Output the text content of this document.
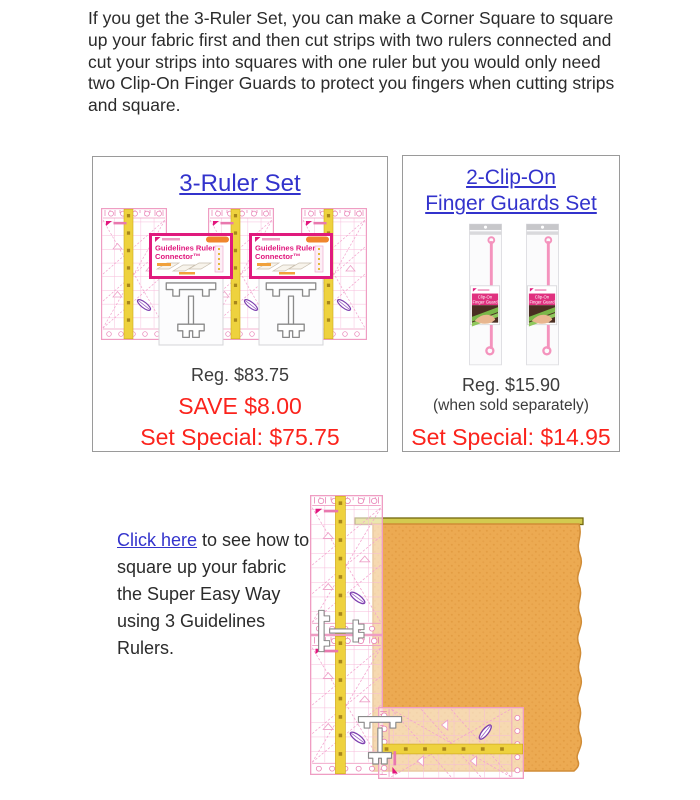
If you get the 3-Ruler Set, you can make a Corner Square to square up your fabric first and then cut strips with two rulers connected and cut your strips into squares with one ruler but you would only need two Clip-On Finger Guards to protect you fingers when cutting strips and square.

3-Ruler Set
Reg. $83.75
SAVE $8.00
Set Special: $75.75
2-Clip-On
Finger Guards Set
Reg. $15.90
(when sold separately)
Set Special: $14.95

Click here to see how to square up your fabric the Super Easy Way using 3 Guidelines Rulers.
